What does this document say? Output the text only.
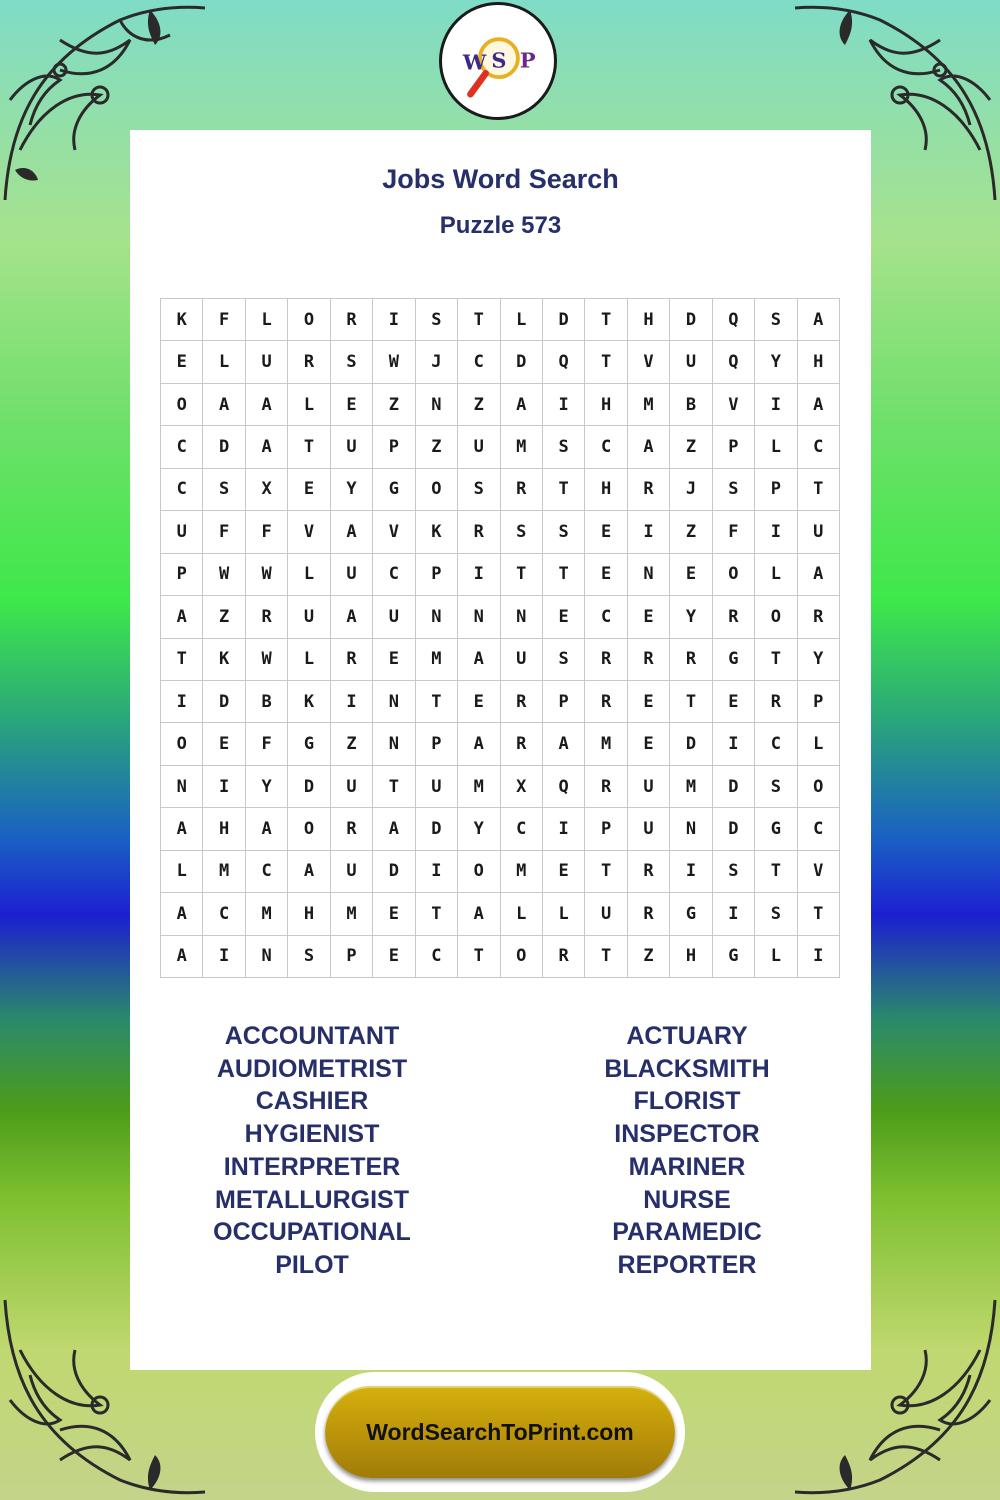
W S P
Jobs Word Search
Puzzle 573
K	F	L	O	R	I	S	T	L	D	T	H	D	Q	S	A
E	L	U	R	S	W	J	C	D	Q	T	V	U	Q	Y	H
O	A	A	L	E	Z	N	Z	A	I	H	M	B	V	I	A
C	D	A	T	U	P	Z	U	M	S	C	A	Z	P	L	C
C	S	X	E	Y	G	O	S	R	T	H	R	J	S	P	T
U	F	F	V	A	V	K	R	S	S	E	I	Z	F	I	U
P	W	W	L	U	C	P	I	T	T	E	N	E	O	L	A
A	Z	R	U	A	U	N	N	N	E	C	E	Y	R	O	R
T	K	W	L	R	E	M	A	U	S	R	R	R	G	T	Y
I	D	B	K	I	N	T	E	R	P	R	E	T	E	R	P
O	E	F	G	Z	N	P	A	R	A	M	E	D	I	C	L
N	I	Y	D	U	T	U	M	X	Q	R	U	M	D	S	O
A	H	A	O	R	A	D	Y	C	I	P	U	N	D	G	C
L	M	C	A	U	D	I	O	M	E	T	R	I	S	T	V
A	C	M	H	M	E	T	A	L	L	U	R	G	I	S	T
A	I	N	S	P	E	C	T	O	R	T	Z	H	G	L	I
ACCOUNTANT
AUDIOMETRIST
CASHIER
HYGIENIST
INTERPRETER
METALLURGIST
OCCUPATIONAL
PILOT
ACTUARY
BLACKSMITH
FLORIST
INSPECTOR
MARINER
NURSE
PARAMEDIC
REPORTER
WordSearchToPrint.com
